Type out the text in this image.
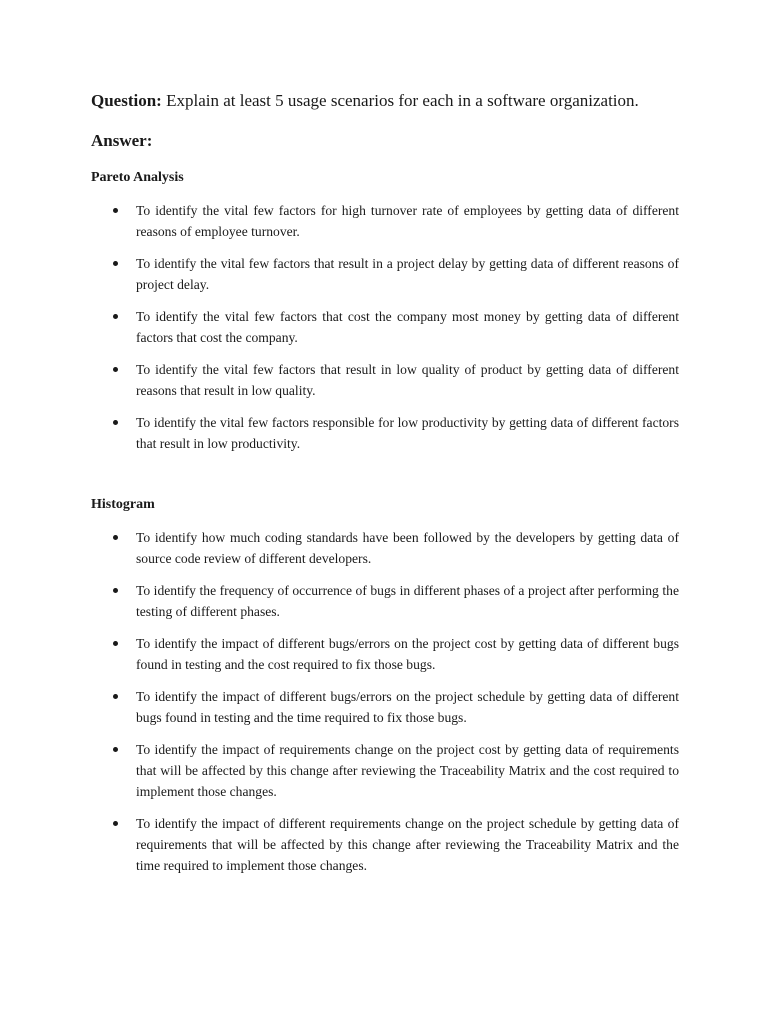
Question: Explain at least 5 usage scenarios for each in a software organization.

Answer:

Pareto Analysis

To identify the vital few factors for high turnover rate of employees by getting data of different reasons of employee turnover.
To identify the vital few factors that result in a project delay by getting data of different reasons of project delay.
To identify the vital few factors that cost the company most money by getting data of different factors that cost the company.
To identify the vital few factors that result in low quality of product by getting data of different reasons that result in low quality.
To identify the vital few factors responsible for low productivity by getting data of different factors that result in low productivity.

Histogram

To identify how much coding standards have been followed by the developers by getting data of source code review of different developers.
To identify the frequency of occurrence of bugs in different phases of a project after performing the testing of different phases.
To identify the impact of different bugs/errors on the project cost by getting data of different bugs found in testing and the cost required to fix those bugs.
To identify the impact of different bugs/errors on the project schedule by getting data of different bugs found in testing and the time required to fix those bugs.
To identify the impact of requirements change on the project cost by getting data of requirements that will be affected by this change after reviewing the Traceability Matrix and the cost required to implement those changes.
To identify the impact of different requirements change on the project schedule by getting data of requirements that will be affected by this change after reviewing the Traceability Matrix and the time required to implement those changes.
